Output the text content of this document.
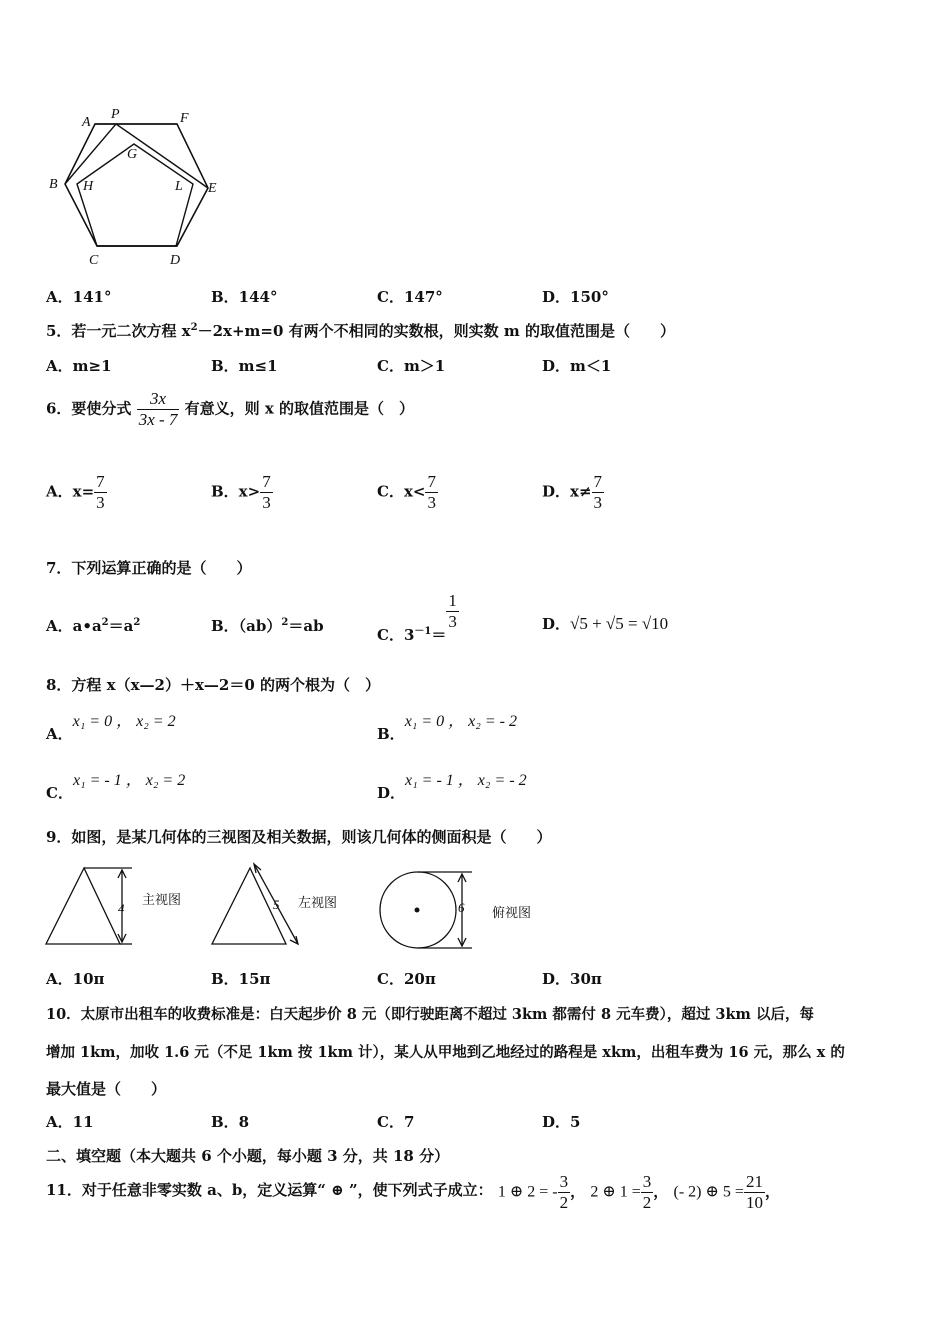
A
P	F
G
B H	L E
C	D
A．141°	B．144°	C．147°	D．150°
5．若一元二次方程 $x^2-2x+m=0$ 有两个不相同的实数根，则实数 m 的取值范围是（　　）
A．m≥1	B．m≤1	C．m＞1	D．m＜1
6．要使分式 $\frac{3x}{3x - 7}$ 有意义，则 x 的取值范围是（　）
A．$x= \frac{7}{3}$	B．$x> \frac{7}{3}$	C．$x< \frac{7}{3}$	D．$x\ne \frac{7}{3}$
7．下列运算正确的是（　　）
A．$a•a^2=a^2$	B．（ab）$^2$＝ab	C．$3^{-1}=$
$\frac{1}{3}$	D．√5 + √5 = √10
8．方程 x（x—2）＋x—2＝0 的两个根为（　）
A．x₁ = 0 ， x₂ = 2
B．x₁ = 0 ， x₂ = - 2
C．x₁ = - 1 ， x₂ = 2
D．x₁ = - 1 ， x₂ = - 2
9．如图，是某几何体的三视图及相关数据，则该几何体的侧面积是（　　）
4
主视图	5 左视图	6 俯视图
A．10π	B．15π	C．20π	D．30π
10．太原市出租车的收费标准是：白天起步价 8 元（即行驶距离不超过 3km 都需付 8 元车费），超过 3km 以后，每
增加 1km，加收 1.6 元（不足 1km 按 1km 计），某人从甲地到乙地经过的路程是 xkm，出租车费为 16 元，那么 x 的
最大值是（　　）
A．11	B．8	C．7	D．5
二、填空题（本大题共 6 个小题，每小题 3 分，共 18 分）
11．对于任意非零实数 a、b，定义运算“ ⊕ ”，使下列式子成立： 1 ⊕ 2 = - $\frac{3}{2}$ ， 2 ⊕ $1 = \frac{3}{2}$ ， (- 2) ⊕ $5 = \frac{21}{10}$ ，
